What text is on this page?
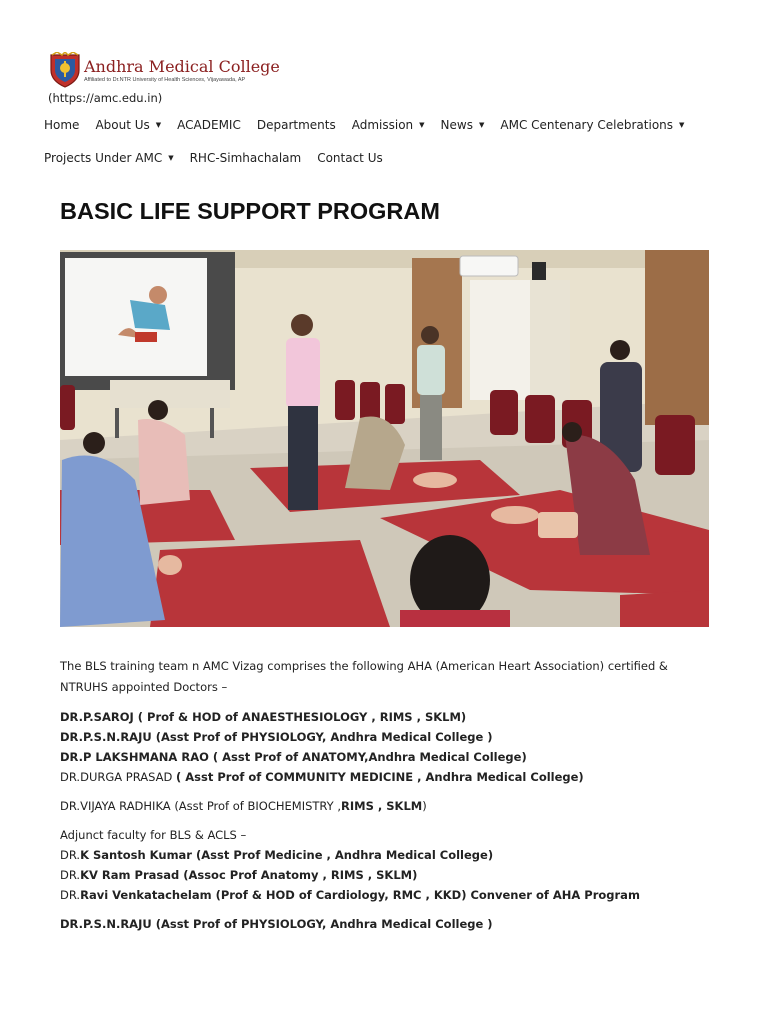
Andhra Medical College
Affiliated to Dr.NTR University of Health Sciences, Vijayawada, AP
(https://amc.edu.in)
Home About Us ▼ ACADEMIC Departments Admission ▼ News ▼ AMC Centenary Celebrations ▼
Projects Under AMC ▼ RHC-Simhachalam Contact Us
BASIC LIFE SUPPORT PROGRAM
The BLS training team n AMC Vizag comprises the following AHA (American Heart Association) certified & NTRUHS appointed Doctors –
DR.P.SAROJ ( Prof & HOD of ANAESTHESIOLOGY , RIMS , SKLM)
DR.P.S.N.RAJU (Asst Prof of PHYSIOLOGY, Andhra Medical College )
DR.P LAKSHMANA RAO ( Asst Prof of ANATOMY,Andhra Medical College)
DR.DURGA PRASAD ( Asst Prof of COMMUNITY MEDICINE , Andhra Medical College)
DR.VIJAYA RADHIKA (Asst Prof of BIOCHEMISTRY ,RIMS , SKLM)
Adjunct faculty for BLS & ACLS –
DR.K Santosh Kumar (Asst Prof Medicine , Andhra Medical College)
DR.KV Ram Prasad (Assoc Prof Anatomy , RIMS , SKLM)
DR.Ravi Venkatachelam (Prof & HOD of Cardiology, RMC , KKD) Convener of AHA Program
DR.P.S.N.RAJU (Asst Prof of PHYSIOLOGY, Andhra Medical College )
